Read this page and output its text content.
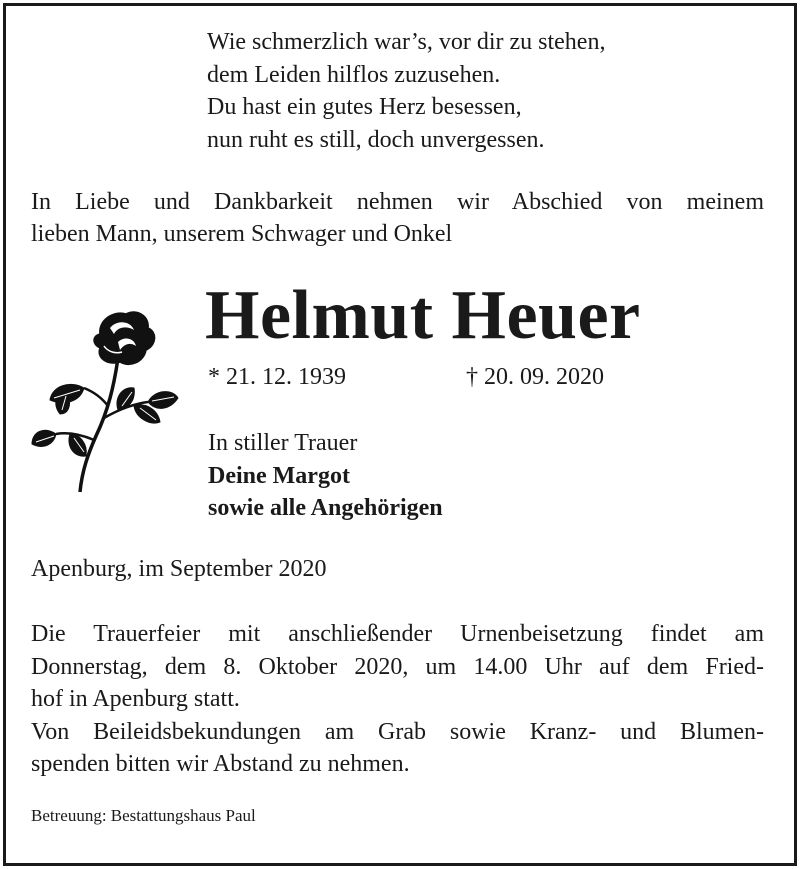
Wie schmerzlich war’s, vor dir zu stehen,
dem Leiden hilflos zuzusehen.
Du hast ein gutes Herz besessen,
nun ruht es still, doch unvergessen.
In Liebe und Dankbarkeit nehmen wir Abschied von meinem
lieben Mann, unserem Schwager und Onkel
Helmut Heuer
* 21. 12. 1939	† 20. 09. 2020
In stiller Trauer
Deine Margot
sowie alle Angehörigen
Apenburg, im September 2020
Die Trauerfeier mit anschließender Urnenbeisetzung findet am
Donnerstag, dem 8. Oktober 2020, um 14.00 Uhr auf dem Fried-
hof in Apenburg statt.
Von Beileidsbekundungen am Grab sowie Kranz- und Blumen-
spenden bitten wir Abstand zu nehmen.
Betreuung: Bestattungshaus Paul
